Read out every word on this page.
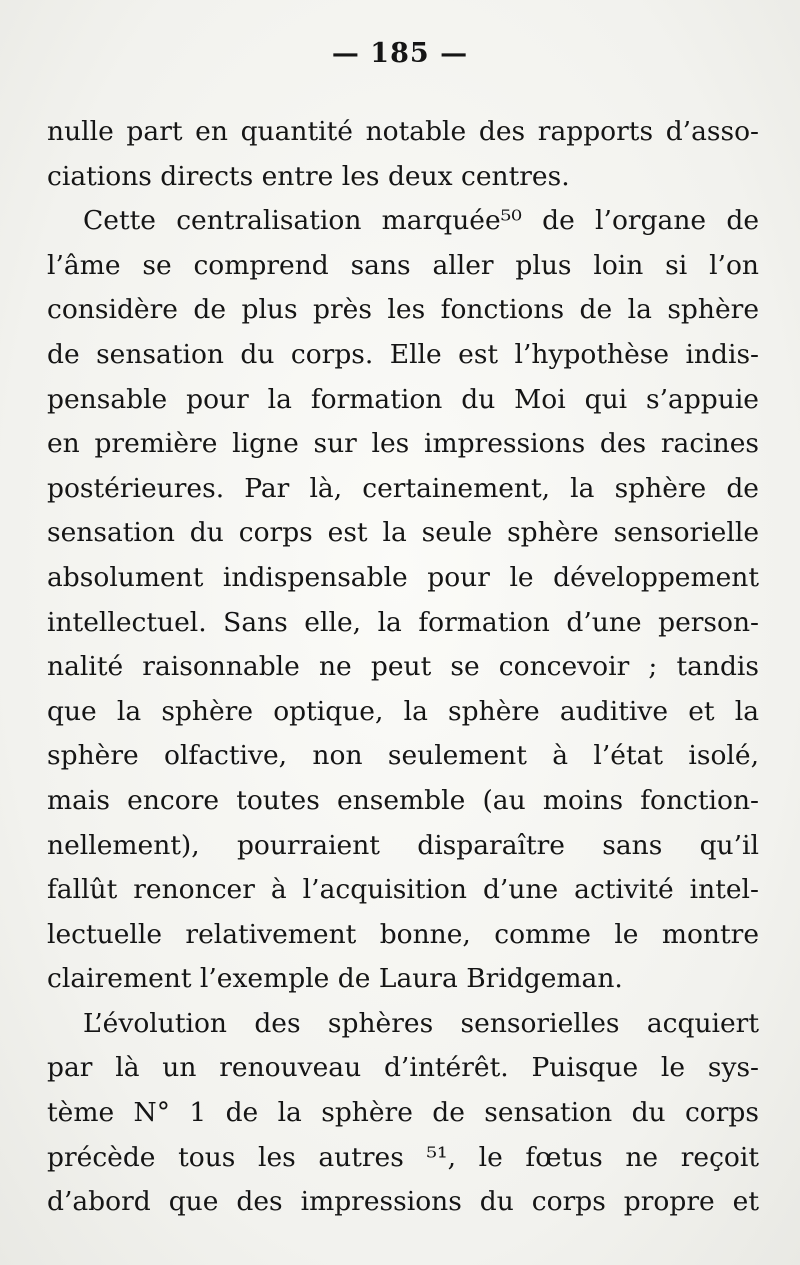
— 185 —
nulle part en quantité notable des rapports d’asso-
ciations directs entre les deux centres.
Cette centralisation marquée⁵⁰ de l’organe de
l’âme se comprend sans aller plus loin si l’on
considère de plus près les fonctions de la sphère
de sensation du corps. Elle est l’hypothèse indis-
pensable pour la formation du Moi qui s’appuie
en première ligne sur les impressions des racines
postérieures. Par là, certainement, la sphère de
sensation du corps est la seule sphère sensorielle
absolument indispensable pour le développement
intellectuel. Sans elle, la formation d’une person-
nalité raisonnable ne peut se concevoir ; tandis
que la sphère optique, la sphère auditive et la
sphère olfactive, non seulement à l’état isolé,
mais encore toutes ensemble (au moins fonction-
nellement), pourraient disparaître sans qu’il
fallût renoncer à l’acquisition d’une activité intel-
lectuelle relativement bonne, comme le montre
clairement l’exemple de Laura Bridgeman.
L’évolution des sphères sensorielles acquiert
par là un renouveau d’intérêt. Puisque le sys-
tème N° 1 de la sphère de sensation du corps
précède tous les autres ⁵¹, le fœtus ne reçoit
d’abord que des impressions du corps propre et
